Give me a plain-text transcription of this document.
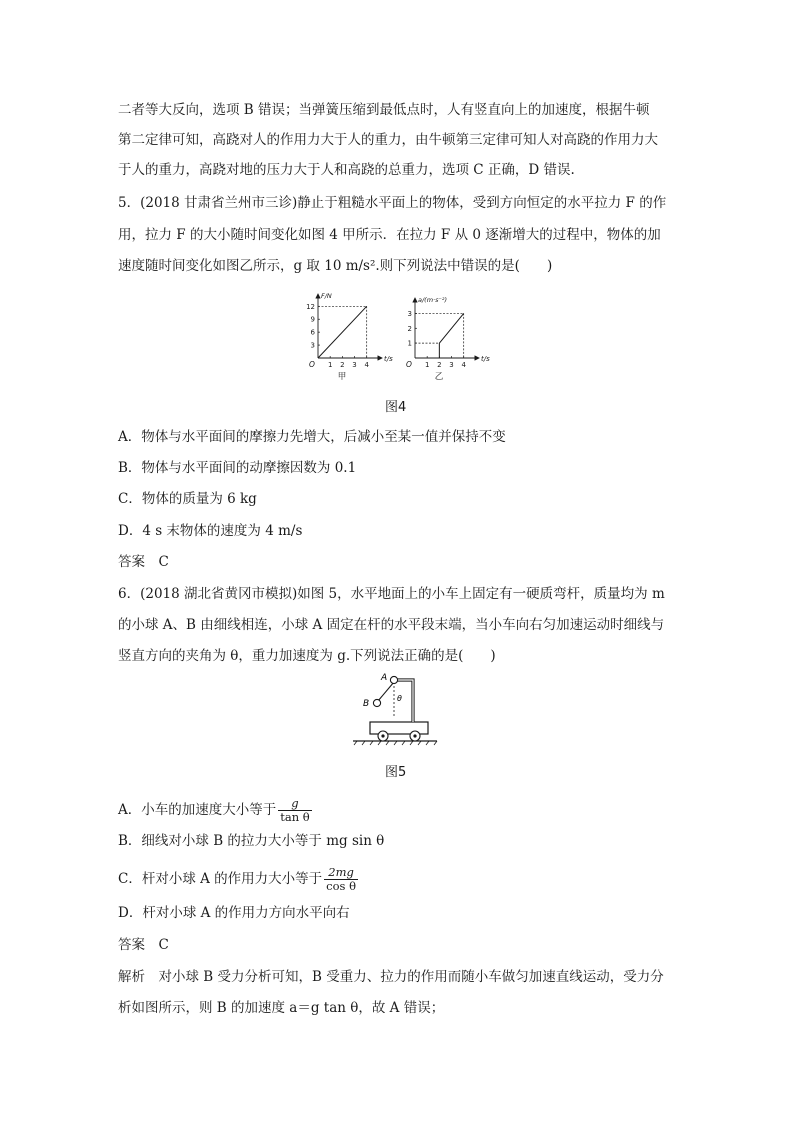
二者等大反向，选项 B 错误；当弹簧压缩到最低点时，人有竖直向上的加速度，根据牛顿
第二定律可知，高跷对人的作用力大于人的重力，由牛顿第三定律可知人对高跷的作用力大
于人的重力，高跷对地的压力大于人和高跷的总重力，选项 C 正确，D 错误.
5．(2018 甘肃省兰州市三诊)静止于粗糙水平面上的物体，受到方向恒定的水平拉力 F 的作
用，拉力 F 的大小随时间变化如图 4 甲所示．在拉力 F 从 0 逐渐增大的过程中，物体的加
速度随时间变化如图乙所示，g 取 10 m/s².则下列说法中错误的是(　　)
F/N
t/s
O 1 2 3 4
3
6
9
12
甲
a/(m·s⁻²)
t/s
O 1 2 3 4
1
2
3
乙
图4
A．物体与水平面间的摩擦力先增大，后减小至某一值并保持不变
B．物体与水平面间的动摩擦因数为 0.1
C．物体的质量为 6 kg
D．4 s 末物体的速度为 4 m/s
答案　C
6．(2018 湖北省黄冈市模拟)如图 5，水平地面上的小车上固定有一硬质弯杆，质量均为 m
的小球 A、B 由细线相连，小球 A 固定在杆的水平段末端，当小车向右匀加速运动时细线与
竖直方向的夹角为 θ，重力加速度为 g.下列说法正确的是(　　)
A
B
θ
图5
A．小车的加速度大小等于 $\frac{g}{\text{tan θ}}$
B．细线对小球 B 的拉力大小等于 mg sin θ
C．杆对小球 A 的作用力大小等于 $\frac{2mg}{\text{cos θ}}$
D．杆对小球 A 的作用力方向水平向右
答案　C
解析　对小球 B 受力分析可知，B 受重力、拉力的作用而随小车做匀加速直线运动，受力分
析如图所示，则 B 的加速度 a＝g tan θ，故 A 错误；
